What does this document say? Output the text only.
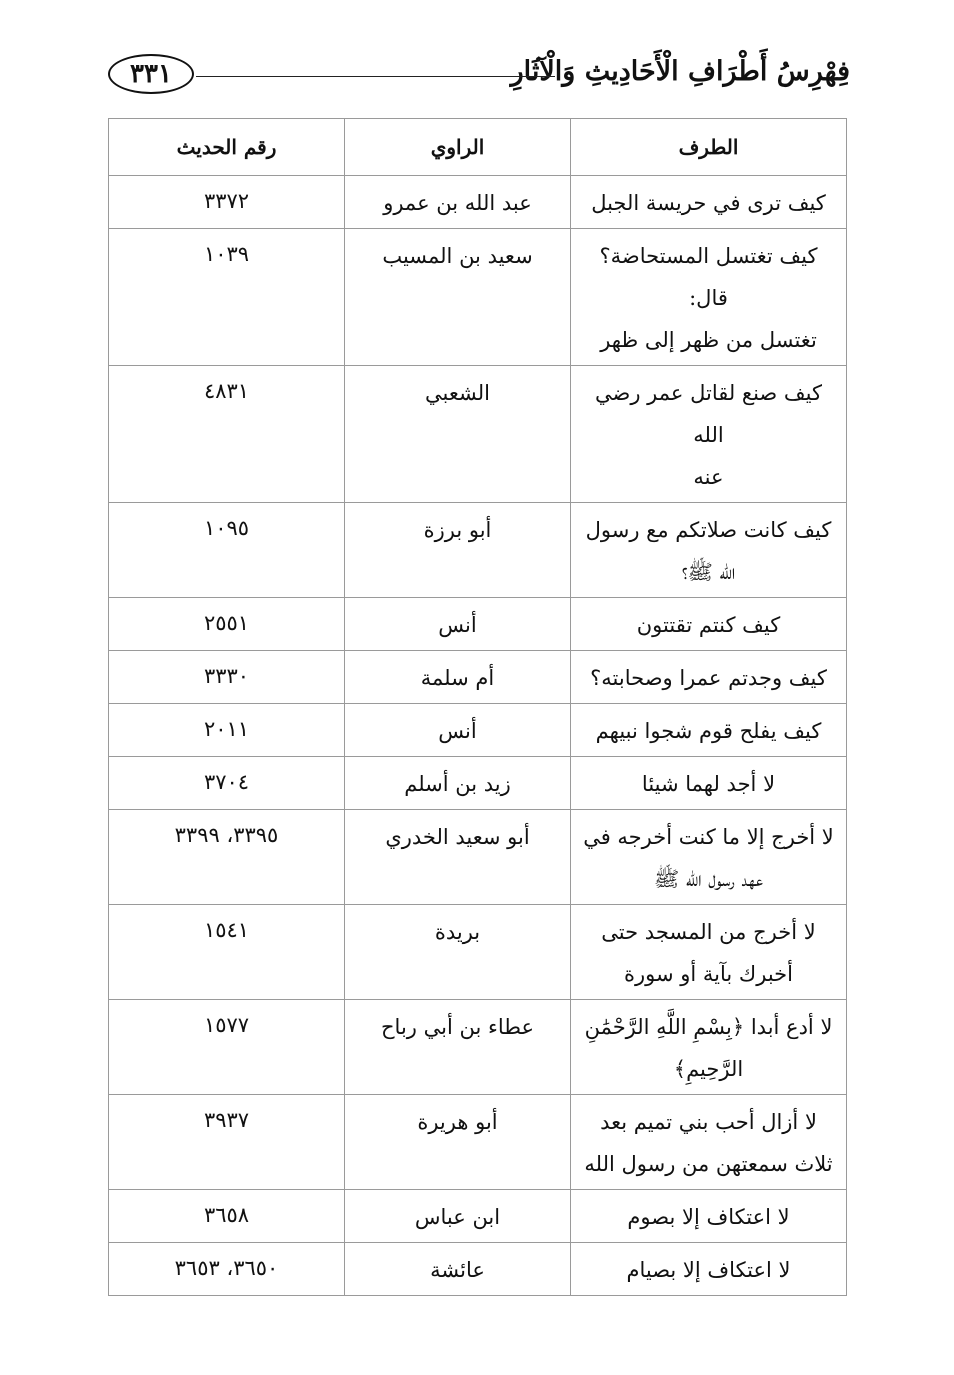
فِهْرِسُ أَطْرَافِ الْأَحَادِيثِ وَالْآثَارِ
٣٣١
الطرف	الراوي	رقم الحديث

كيف ترى في حريسة الجبل	عبد الله بن عمرو	٣٣٧٢

كيف تغتسل المستحاضة؟ قال:
تغتسل من ظهر إلى ظهر	سعيد بن المسيب	١٠٣٩

كيف صنع لقاتل عمر رضي الله
عنه	الشعبي	٤٨٣١

كيف كانت صلاتكم مع رسول
الله ﷺ؟	أبو برزة	١٠٩٥

كيف كنتم تقتتون	أنس	٢٥٥١

كيف وجدتم عمرا وصحابته؟	أم سلمة	٣٣٣٠

كيف يفلح قوم شجوا نبيهم	أنس	٢٠١١

لا أجد لهما شيئا	زيد بن أسلم	٣٧٠٤

لا أخرج إلا ما كنت أخرجه في
عهد رسول الله ﷺ	أبو سعيد الخدري	٣٣٩٥، ٣٣٩٩

لا أخرج من المسجد حتى
أخبرك بآية أو سورة	بريدة	١٥٤١

لا أدع أبدا ﴿بِسْمِ اللَّهِ الرَّحْمَٰنِ
الرَّحِيمِ﴾	عطاء بن أبي رباح	١٥٧٧

لا أزال أحب بني تميم بعد
ثلاث سمعتهن من رسول الله	أبو هريرة	٣٩٣٧

لا اعتكاف إلا بصوم	ابن عباس	٣٦٥٨

لا اعتكاف إلا بصيام	عائشة	٣٦٥٠، ٣٦٥٣
